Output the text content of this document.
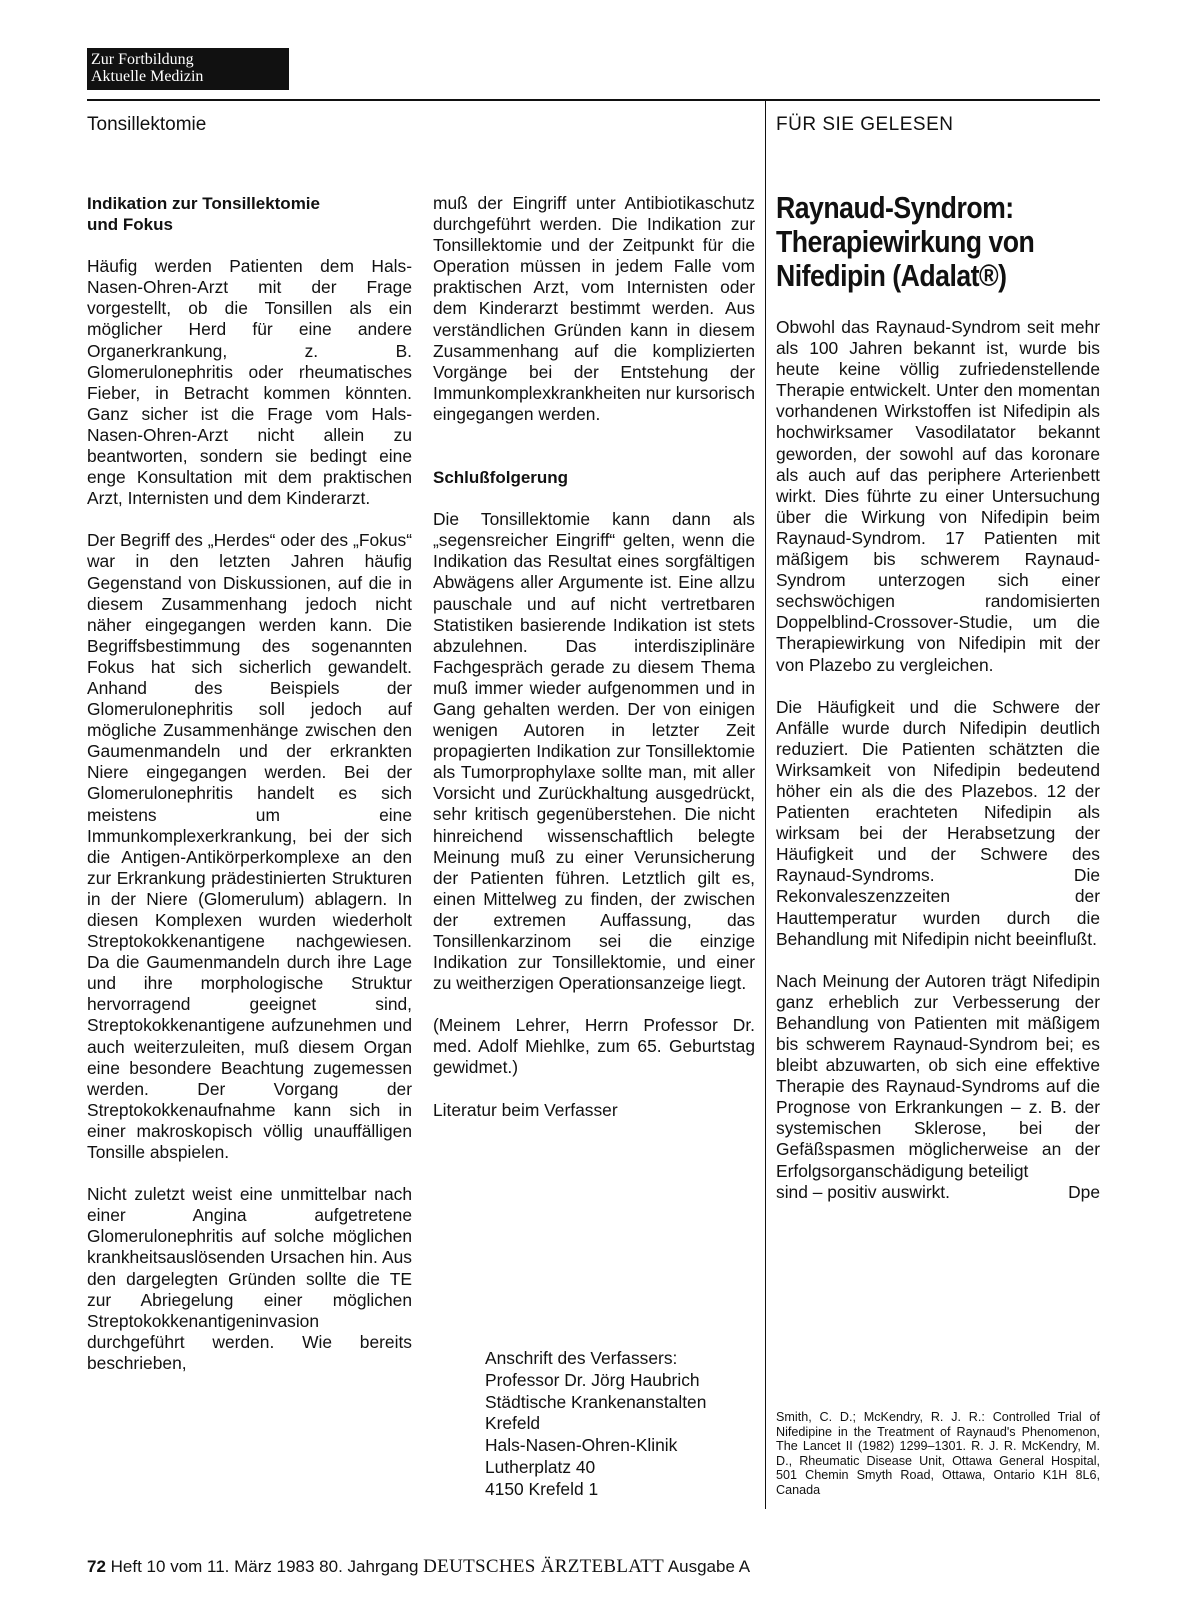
Zur Fortbildung
Aktuelle Medizin
Tonsillektomie	FÜR SIE GELESEN

Indikation zur Tonsillektomie und Fokus

Häufig werden Patienten dem Hals-Nasen-Ohren-Arzt mit der Frage vorgestellt, ob die Tonsillen als ein möglicher Herd für eine andere Organerkrankung, z. B. Glomerulonephritis oder rheumatisches Fieber, in Betracht kommen könnten. Ganz sicher ist die Frage vom Hals-Nasen-Ohren-Arzt nicht allein zu beantworten, sondern sie bedingt eine enge Konsultation mit dem praktischen Arzt, Internisten und dem Kinderarzt.

Der Begriff des „Herdes“ oder des „Fokus“ war in den letzten Jahren häufig Gegenstand von Diskussionen, auf die in diesem Zusammenhang jedoch nicht näher eingegangen werden kann. Die Begriffsbestimmung des sogenannten Fokus hat sich sicherlich gewandelt. Anhand des Beispiels der Glomerulonephritis soll jedoch auf mögliche Zusammenhänge zwischen den Gaumenmandeln und der erkrankten Niere eingegangen werden. Bei der Glomerulonephritis handelt es sich meistens um eine Immunkomplexerkrankung, bei der sich die Antigen-Antikörperkomplexe an den zur Erkrankung prädestinierten Strukturen in der Niere (Glomerulum) ablagern. In diesen Komplexen wurden wiederholt Streptokokkenantigene nachgewiesen. Da die Gaumenmandeln durch ihre Lage und ihre morphologische Struktur hervorragend geeignet sind, Streptokokkenantigene aufzunehmen und auch weiterzuleiten, muß diesem Organ eine besondere Beachtung zugemessen werden. Der Vorgang der Streptokokkenaufnahme kann sich in einer makroskopisch völlig unauffälligen Tonsille abspielen.

Nicht zuletzt weist eine unmittelbar nach einer Angina aufgetretene Glomerulonephritis auf solche möglichen krankheitsauslösenden Ursachen hin. Aus den dargelegten Gründen sollte die TE zur Abriegelung einer möglichen Streptokokkenantigeninvasion durchgeführt werden. Wie bereits beschrieben,

muß der Eingriff unter Antibiotikaschutz durchgeführt werden. Die Indikation zur Tonsillektomie und der Zeitpunkt für die Operation müssen in jedem Falle vom praktischen Arzt, vom Internisten oder dem Kinderarzt bestimmt werden. Aus verständlichen Gründen kann in diesem Zusammenhang auf die komplizierten Vorgänge bei der Entstehung der Immunkomplexkrankheiten nur kursorisch eingegangen werden.

Schlußfolgerung

Die Tonsillektomie kann dann als „segensreicher Eingriff“ gelten, wenn die Indikation das Resultat eines sorgfältigen Abwägens aller Argumente ist. Eine allzu pauschale und auf nicht vertretbaren Statistiken basierende Indikation ist stets abzulehnen. Das interdisziplinäre Fachgespräch gerade zu diesem Thema muß immer wieder aufgenommen und in Gang gehalten werden. Der von einigen wenigen Autoren in letzter Zeit propagierten Indikation zur Tonsillektomie als Tumorprophylaxe sollte man, mit aller Vorsicht und Zurückhaltung ausgedrückt, sehr kritisch gegenüberstehen. Die nicht hinreichend wissenschaftlich belegte Meinung muß zu einer Verunsicherung der Patienten führen. Letztlich gilt es, einen Mittelweg zu finden, der zwischen der extremen Auffassung, das Tonsillenkarzinom sei die einzige Indikation zur Tonsillektomie, und einer zu weitherzigen Operationsanzeige liegt.

(Meinem Lehrer, Herrn Professor Dr. med. Adolf Miehlke, zum 65. Geburtstag gewidmet.)

Literatur beim Verfasser

Anschrift des Verfassers:
Professor Dr. Jörg Haubrich
Städtische Krankenanstalten
Krefeld
Hals-Nasen-Ohren-Klinik
Lutherplatz 40
4150 Krefeld 1
Raynaud-Syndrom:
Therapiewirkung von
Nifedipin (Adalat®)

Obwohl das Raynaud-Syndrom seit mehr als 100 Jahren bekannt ist, wurde bis heute keine völlig zufriedenstellende Therapie entwickelt. Unter den momentan vorhandenen Wirkstoffen ist Nifedipin als hochwirksamer Vasodilatator bekannt geworden, der sowohl auf das koronare als auch auf das periphere Arterienbett wirkt. Dies führte zu einer Untersuchung über die Wirkung von Nifedipin beim Raynaud-Syndrom. 17 Patienten mit mäßigem bis schwerem Raynaud-Syndrom unterzogen sich einer sechswöchigen randomisierten Doppelblind-Crossover-Studie, um die Therapiewirkung von Nifedipin mit der von Plazebo zu vergleichen.

Die Häufigkeit und die Schwere der Anfälle wurde durch Nifedipin deutlich reduziert. Die Patienten schätzten die Wirksamkeit von Nifedipin bedeutend höher ein als die des Plazebos. 12 der Patienten erachteten Nifedipin als wirksam bei der Herabsetzung der Häufigkeit und der Schwere des Raynaud-Syndroms. Die Rekonvaleszenzzeiten der Hauttemperatur wurden durch die Behandlung mit Nifedipin nicht beeinflußt.

Nach Meinung der Autoren trägt Nifedipin ganz erheblich zur Verbesserung der Behandlung von Patienten mit mäßigem bis schwerem Raynaud-Syndrom bei; es bleibt abzuwarten, ob sich eine effektive Therapie des Raynaud-Syndroms auf die Prognose von Erkrankungen – z. B. der systemischen Sklerose, bei der Gefäßspasmen möglicherweise an der Erfolgsorganschädigung beteiligt

sind – positiv auswirkt.	Dpe
Smith, C. D.; McKendry, R. J. R.: Controlled Trial of Nifedipine in the Treatment of Raynaud's Phenomenon, The Lancet II (1982) 1299–1301. R. J. R. McKendry, M. D., Rheumatic Disease Unit, Ottawa General Hospital, 501 Chemin Smyth Road, Ottawa, Ontario K1H 8L6, Canada
72 Heft 10 vom 11. März 1983 80. Jahrgang DEUTSCHES ÄRZTEBLATT Ausgabe A
